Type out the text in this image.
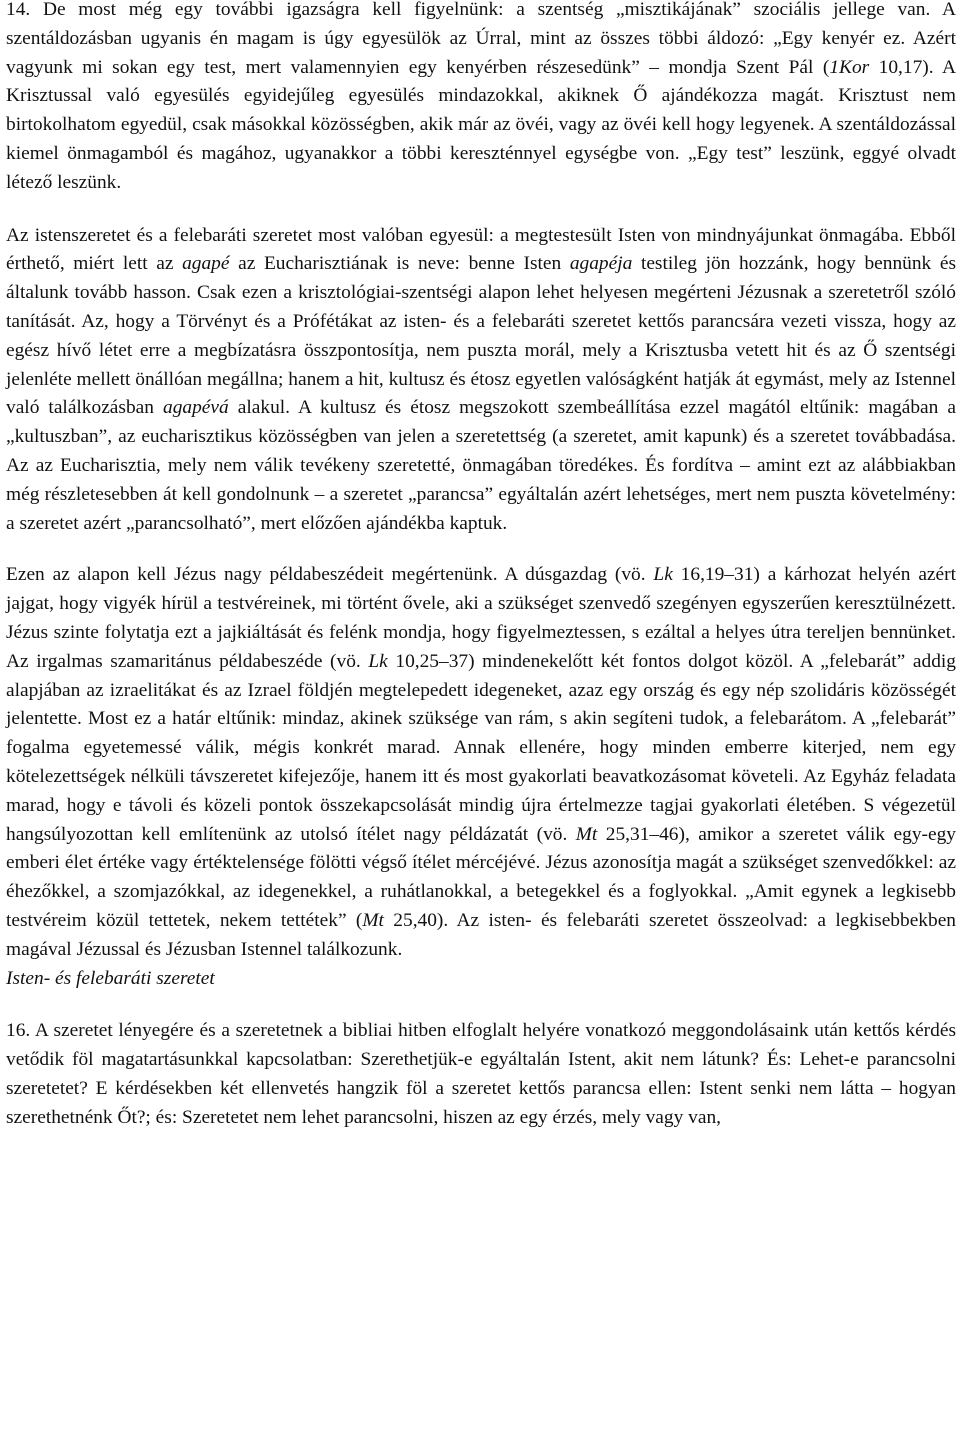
14. De most még egy további igazságra kell figyelnünk: a szentség „misztikájának” szociális jellege van. A szentáldozásban ugyanis én magam is úgy egyesülök az Úrral, mint az összes többi áldozó: „Egy kenyér ez. Azért vagyunk mi sokan egy test, mert valamennyien egy kenyérben részesedünk” – mondja Szent Pál (1Kor 10,17). A Krisztussal való egyesülés egyidejűleg egyesülés mindazokkal, akiknek Ő ajándékozza magát. Krisztust nem birtokolhatom egyedül, csak másokkal közösségben, akik már az övéi, vagy az övéi kell hogy legyenek. A szentáldozással kiemel önmagamból és magához, ugyanakkor a többi kereszténnyel egységbe von. „Egy test” leszünk, eggyé olvadt létező leszünk.

Az istenszeretet és a felebaráti szeretet most valóban egyesül: a megtestesült Isten von mindnyájunkat önmagába. Ebből érthető, miért lett az agapé az Eucharisztiának is neve: benne Isten agapéja testileg jön hozzánk, hogy bennünk és általunk tovább hasson. Csak ezen a krisztológiai-szentségi alapon lehet helyesen megérteni Jézusnak a szeretetről szóló tanítását. Az, hogy a Törvényt és a Prófétákat az isten- és a felebaráti szeretet kettős parancsára vezeti vissza, hogy az egész hívő létet erre a megbízatásra összpontosítja, nem puszta morál, mely a Krisztusba vetett hit és az Ő szentségi jelenléte mellett önállóan megállna; hanem a hit, kultusz és étosz egyetlen valóságként hatják át egymást, mely az Istennel való találkozásban agapévá alakul. A kultusz és étosz megszokott szembeállítása ezzel magától eltűnik: magában a „kultuszban”, az eucharisztikus közösségben van jelen a szeretettség (a szeretet, amit kapunk) és a szeretet továbbadása. Az az Eucharisztia, mely nem válik tevékeny szeretetté, önmagában töredékes. És fordítva – amint ezt az alábbiakban még részletesebben át kell gondolnunk – a szeretet „parancsa” egyáltalán azért lehetséges, mert nem puszta követelmény: a szeretet azért „parancsolható”, mert előzően ajándékba kaptuk.

Ezen az alapon kell Jézus nagy példabeszédeit megértenünk. A dúsgazdag (vö. Lk 16,19–31) a kárhozat helyén azért jajgat, hogy vigyék hírül a testvéreinek, mi történt ővele, aki a szükséget szenvedő szegényen egyszerűen keresztülnézett. Jézus szinte folytatja ezt a jajkiáltását és felénk mondja, hogy figyelmeztessen, s ezáltal a helyes útra tereljen bennünket. Az irgalmas szamaritánus példabeszéde (vö. Lk 10,25–37) mindenekelőtt két fontos dolgot közöl. A „felebarát” addig alapjában az izraelitákat és az Izrael földjén megtelepedett idegeneket, azaz egy ország és egy nép szolidáris közösségét jelentette. Most ez a határ eltűnik: mindaz, akinek szüksége van rám, s akin segíteni tudok, a felebarátom. A „felebarát” fogalma egyetemessé válik, mégis konkrét marad. Annak ellenére, hogy minden emberre kiterjed, nem egy kötelezettségek nélküli távszeretet kifejezője, hanem itt és most gyakorlati beavatkozásomat követeli. Az Egyház feladata marad, hogy e távoli és közeli pontok összekapcsolását mindig újra értelmezze tagjai gyakorlati életében. S végezetül hangsúlyozottan kell említenünk az utolsó ítélet nagy példázatát (vö. Mt 25,31–46), amikor a szeretet válik egy-egy emberi élet értéke vagy értéktelensége fölötti végső ítélet mércéjévé. Jézus azonosítja magát a szükséget szenvedőkkel: az éhezőkkel, a szomjazókkal, az idegenekkel, a ruhátlanokkal, a betegekkel és a foglyokkal. „Amit egynek a legkisebb testvéreim közül tettetek, nekem tettétek” (Mt 25,40). Az isten- és felebaráti szeretet összeolvad: a legkisebbekben magával Jézussal és Jézusban Istennel találkozunk.

Isten- és felebaráti szeretet

16. A szeretet lényegére és a szeretetnek a bibliai hitben elfoglalt helyére vonatkozó meggondolásaink után kettős kérdés vetődik föl magatartásunkkal kapcsolatban: Szerethetjük-e egyáltalán Istent, akit nem látunk? És: Lehet-e parancsolni szeretetet? E kérdésekben két ellenvetés hangzik föl a szeretet kettős parancsa ellen: Istent senki nem látta – hogyan szerethetnénk Őt?; és: Szeretetet nem lehet parancsolni, hiszen az egy érzés, mely vagy van,
